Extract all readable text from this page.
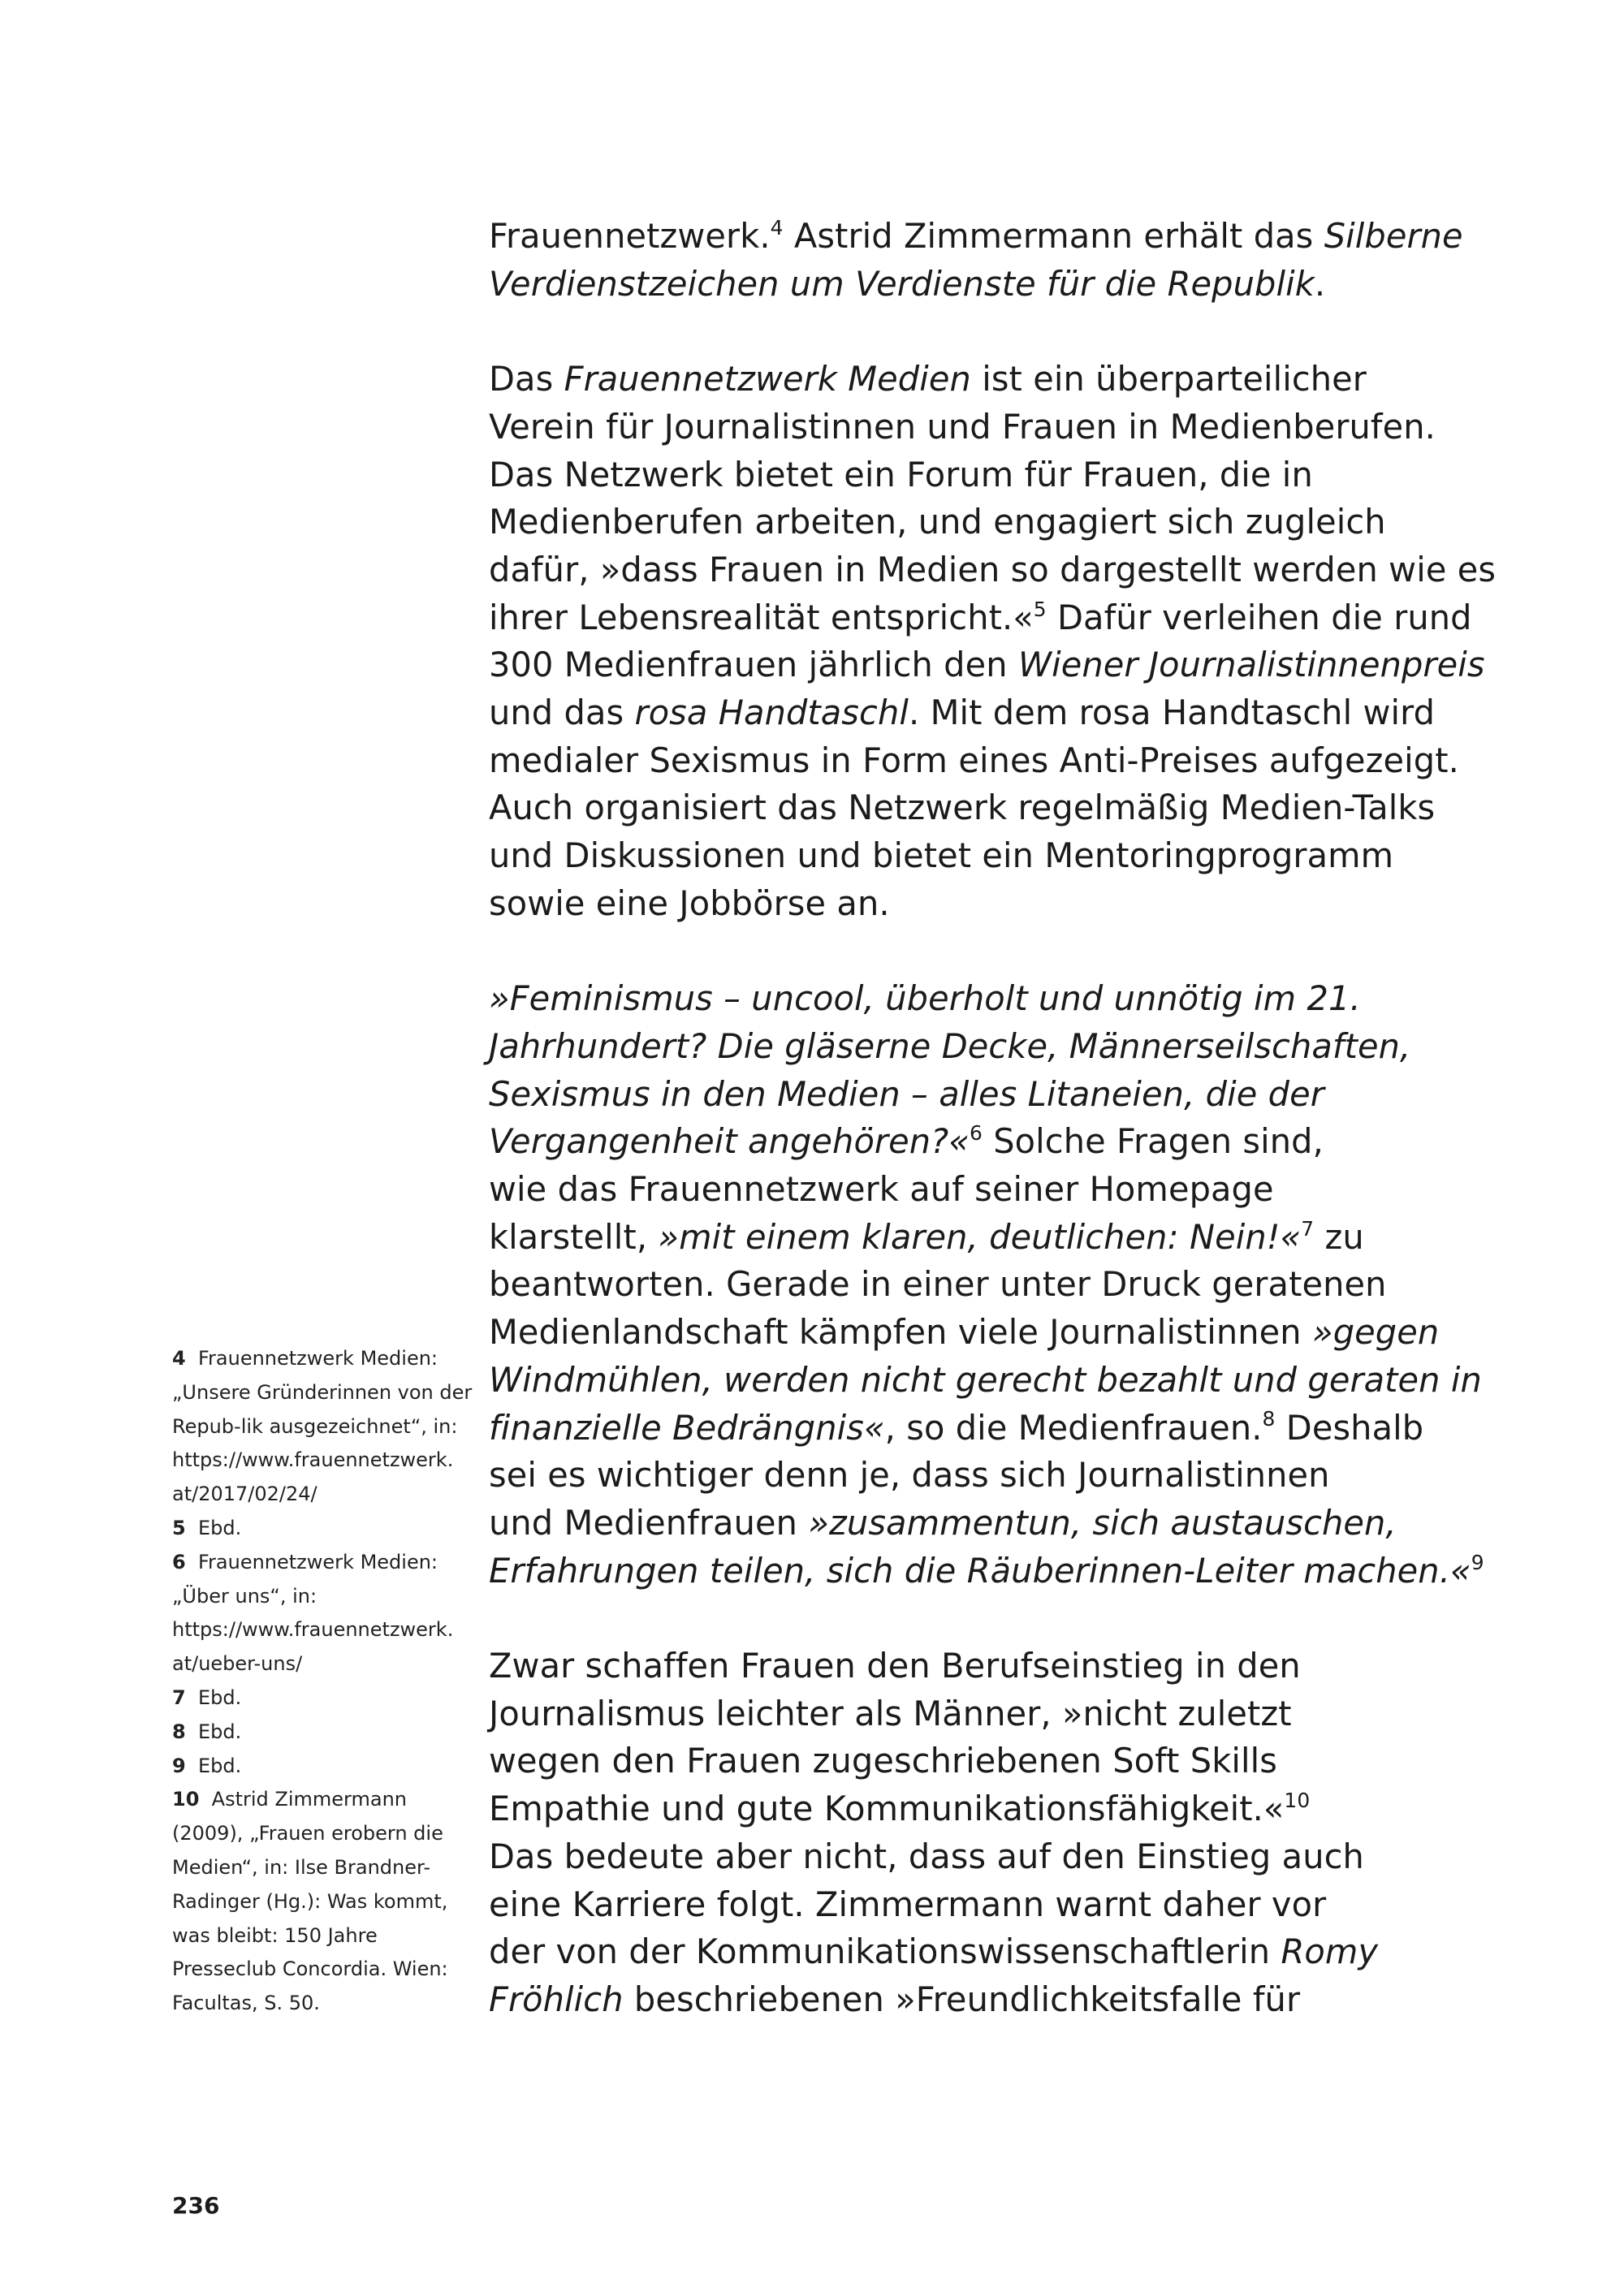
Frauennetzwerk.$^4$ Astrid Zimmermann erhält das Silberne
Verdienstzeichen um Verdienste für die Republik.

Das Frauennetzwerk Medien ist ein überparteilicher
Verein für Journalistinnen und Frauen in Medienberufen.
Das Netzwerk bietet ein Forum für Frauen, die in
Medienberufen arbeiten, und engagiert sich zugleich
dafür, »dass Frauen in Medien so dargestellt werden wie es
ihrer Lebensrealität entspricht.«$^5$ Dafür verleihen die rund
300 Medienfrauen jährlich den Wiener Journalistinnenpreis
und das rosa Handtaschl. Mit dem rosa Handtaschl wird
medialer Sexismus in Form eines Anti-Preises aufgezeigt.
Auch organisiert das Netzwerk regelmäßig Medien-Talks
und Diskussionen und bietet ein Mentoringprogramm
sowie eine Jobbörse an.

»Feminismus – uncool, überholt und unnötig im 21.
Jahrhundert? Die gläserne Decke, Männerseilschaften,
Sexismus in den Medien – alles Litaneien, die der
Vergangenheit angehören?«$^6$ Solche Fragen sind,
wie das Frauennetzwerk auf seiner Homepage
klarstellt, »mit einem klaren, deutlichen: Nein!«$^7$ zu
beantworten. Gerade in einer unter Druck geratenen
Medienlandschaft kämpfen viele Journalistinnen »gegen
Windmühlen, werden nicht gerecht bezahlt und geraten in
finanzielle Bedrängnis«, so die Medienfrauen.$^8$ Deshalb
sei es wichtiger denn je, dass sich Journalistinnen
und Medienfrauen »zusammentun, sich austauschen,
Erfahrungen teilen, sich die Räuberinnen-Leiter machen.«$^9$

Zwar schaffen Frauen den Berufseinstieg in den
Journalismus leichter als Männer, »nicht zuletzt
wegen den Frauen zugeschriebenen Soft Skills
Empathie und gute Kommunikationsfähigkeit.«$^{10}$
Das bedeute aber nicht, dass auf den Einstieg auch
eine Karriere folgt. Zimmermann warnt daher vor
der von der Kommunikationswissenschaftlerin Romy
Fröhlich beschriebenen »Freundlichkeitsfalle für

4 Frauennetzwerk Medien:
„Unsere Gründerinnen von der
Repub-lik ausgezeichnet“, in:
https://www.frauennetzwerk.
at/2017/02/24/
5 Ebd.
6 Frauennetzwerk Medien:
„Über uns“, in:
https://www.frauennetzwerk.
at/ueber-uns/
7 Ebd.
8 Ebd.
9 Ebd.
10 Astrid Zimmermann
(2009), „Frauen erobern die
Medien“, in: Ilse Brandner-
Radinger (Hg.): Was kommt,
was bleibt: 150 Jahre
Presseclub Concordia. Wien:
Facultas, S. 50.
236
